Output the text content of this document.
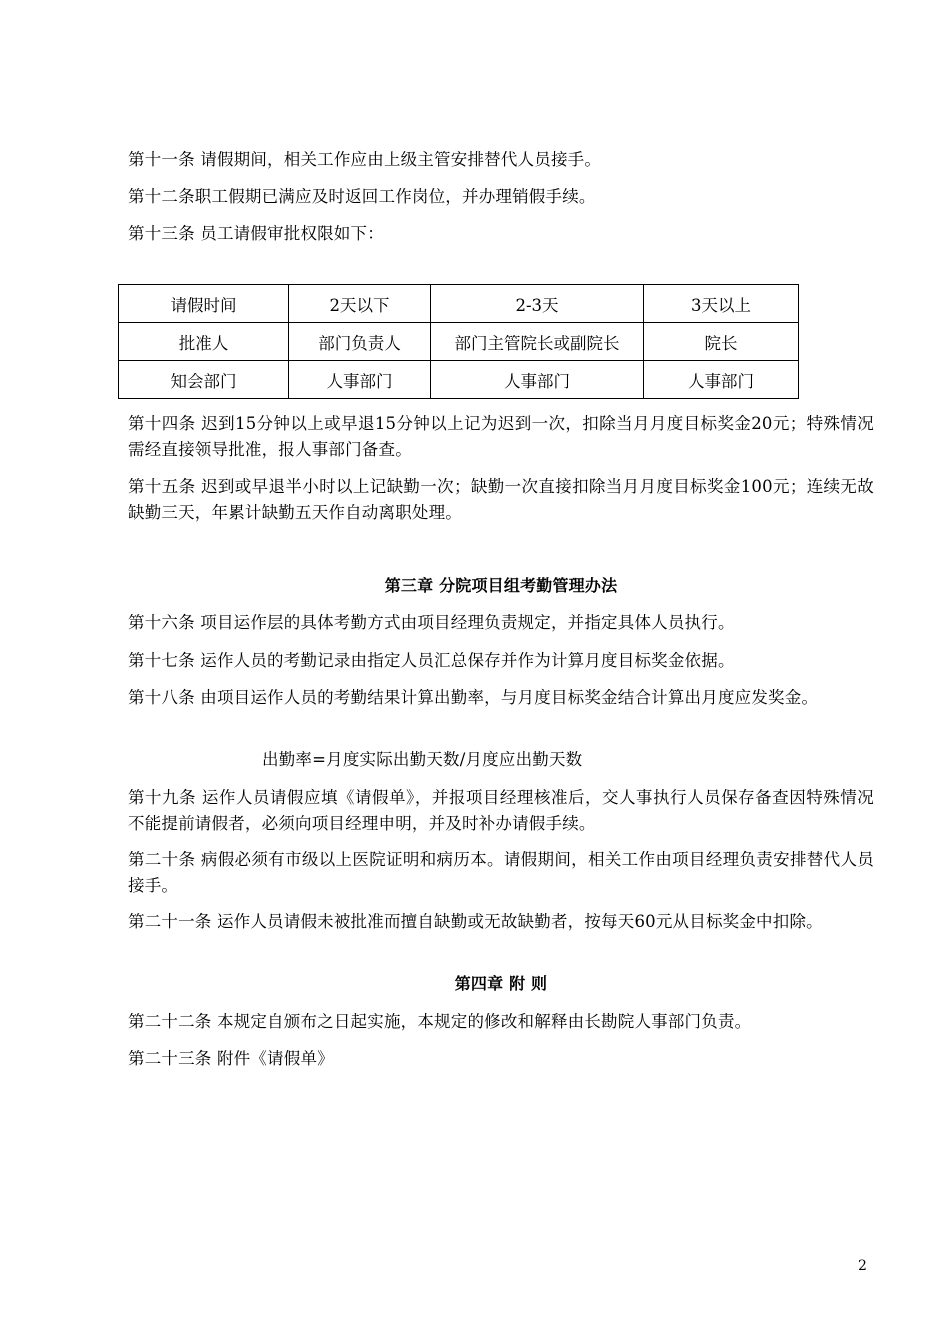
第十一条 请假期间，相关工作应由上级主管安排替代人员接手。

第十二条职工假期已满应及时返回工作岗位，并办理销假手续。

第十三条 员工请假审批权限如下：

请假时间	2天以下	2-3天	3天以上
批准人	部门负责人	部门主管院长或副院长	院长
知会部门	人事部门	人事部门	人事部门

第十四条 迟到15分钟以上或早退15分钟以上记为迟到一次，扣除当月月度目标奖金20元；特殊情况需经直接领导批准，报人事部门备查。

第十五条 迟到或早退半小时以上记缺勤一次；缺勤一次直接扣除当月月度目标奖金100元；连续无故缺勤三天，年累计缺勤五天作自动离职处理。

第三章 分院项目组考勤管理办法

第十六条 项目运作层的具体考勤方式由项目经理负责规定，并指定具体人员执行。

第十七条 运作人员的考勤记录由指定人员汇总保存并作为计算月度目标奖金依据。

第十八条 由项目运作人员的考勤结果计算出勤率，与月度目标奖金结合计算出月度应发奖金。

出勤率=月度实际出勤天数/月度应出勤天数

第十九条 运作人员请假应填《请假单》，并报项目经理核准后，交人事执行人员保存备查因特殊情况不能提前请假者，必须向项目经理申明，并及时补办请假手续。

第二十条 病假必须有市级以上医院证明和病历本。请假期间，相关工作由项目经理负责安排替代人员接手。

第二十一条 运作人员请假未被批准而擅自缺勤或无故缺勤者，按每天60元从目标奖金中扣除。

第四章 附 则

第二十二条 本规定自颁布之日起实施，本规定的修改和解释由长勘院人事部门负责。

第二十三条 附件《请假单》

2
